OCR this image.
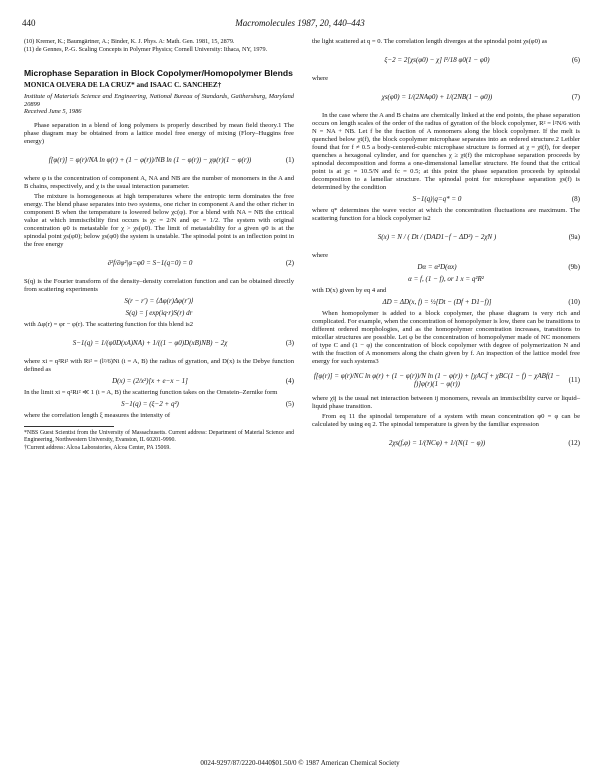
440	Macromolecules 1987, 20, 440–443
(10) Kremer, K.; Baumgärtner, A.; Binder, K. J. Phys. A: Math. Gen. 1981, 15, 2879.
(11) de Gennes, P.-G. Scaling Concepts in Polymer Physics; Cornell University: Ithaca, NY, 1979.
Microphase Separation in Block Copolymer/Homopolymer Blends
MONICA OLVERA DE LA CRUZ* and ISAAC C. SANCHEZ†
Institute of Materials Science and Engineering, National Bureau of Standards, Gaithersburg, Maryland 20899
Received June 5, 1986

Phase separation in a blend of long polymers is properly described by mean field theory.1 The phase diagram may be obtained from a lattice model free energy of mixing (Flory–Huggins free energy)

f[φ(r)] = φ(r)/NA ln φ(r) + (1 − φ(r))/NB ln (1 − φ(r)) − χφ(r)(1 − φ(r))	(1)

where φ is the concentration of component A, NA and NB are the number of monomers in the A and B chains, respectively, and χ is the usual interaction parameter.

The mixture is homogeneous at high temperatures where the entropic term dominates the free energy. The blend phase separates into two systems, one richer in component A and the other richer in component B when the temperature is lowered below χc(φ). For a blend with NA = NB the critical value at which immiscibility first occurs is χc = 2/N and φc = 1/2. The system with original concentration φ0 is metastable for χ > χs(φ0). The limit of metastability for a given φ0 is at the spinodal point χs(φ0); below χs(φ0) the system is unstable. The spinodal point is an inflection point in the free energy

∂²f/∂φ²|φ=φ0 = S−1(q=0) = 0	(2)

S(q) is the Fourier transform of the density–density correlation function and can be obtained directly from scattering experiments

S(r − r′) = ⟨Δφ(r)Δφ(r′)⟩
S(q) = ∫ exp(iq·r)S(r) dr

with Δφ(r) = φr − φ(r). The scattering function for this blend is2

S−1(q) = 1/(φ0D(xA)NA) + 1/((1 − φ0)D(xB)NB) − 2χ	(3)

where xi = q²Ri² with Ri² = (l²/6)Ni (i = A, B) the radius of gyration, and D(x) is the Debye function defined as

D(x) = (2/x²)[x + e−x − 1]	(4)

In the limit xi = q²Ri² ≪ 1 (i = A, B) the scattering function takes on the Ornstein–Zernike form

S−1(q) = (ξ−2 + q²)	(5)

where the correlation length ξ measures the intensity of

*NBS Guest Scientist from the University of Massachusetts. Current address: Department of Material Science and Engineering, Northwestern University, Evanston, IL 60201-9990.
†Current address: Alcoa Laboratories, Alcoa Center, PA 15069.

the light scattered at q = 0. The correlation length diverges at the spinodal point χs(φ0) as

ξ−2 = 2[χs(φ0) − χ] l²/18 φ0(1 − φ0)	(6)

where

χs(φ0) = 1/(2NAφ0) + 1/(2NB(1 − φ0))	(7)

In the case where the A and B chains are chemically linked at the end points, the phase separation occurs on length scales of the order of the radius of gyration of the block copolymer, R² = l²N/6 with N = NA + NB. Let f be the fraction of A monomers along the block copolymer. If the melt is quenched below χt(f), the block copolymer microphase separates into an ordered structure.2 Leibler found that for f ≠ 0.5 a body-centered-cubic microphase structure is formed at χ = χt(f), for deeper quenches a hexagonal cylinder, and for quenches χ ≥ χt(f) the microphase separation proceeds by spinodal decomposition and forms a one-dimensional lamellar structure. He found that the critical point is at χc = 10.5/N and fc = 0.5; at this point the phase separation proceeds by spinodal decomposition to a lamellar structure. The spinodal point for microphase separation χs(f) is determined by the condition

S−1(q)|q=q* = 0	(8)

where q* determines the wave vector at which the concentration fluctuations are maximum. The scattering function for a block copolymer is2

S(x) = N / ( Dt / (DAD1−f − ΔD²) − 2χN )	(9a)

where

Dα = α²D(αx)	(9b)
α = f, (1 − f), or 1 x = q²R²

with D(x) given by eq 4 and

ΔD = ΔD(x, f) = ½[Dt − (Df + D1−f)]	(10)

When homopolymer is added to a block copolymer, the phase diagram is very rich and complicated. For example, when the concentration of homopolymer is low, there can be transitions to different ordered morphologies, and as the homopolymer concentration increases, transitions to micellar structures are possible. Let φ be the concentration of homopolymer made of NC monomers of type C and (1 − φ) the concentration of block copolymer with degree of polymerization N and with the fraction of A monomers along the chain given by f. An inspection of the lattice model free energy for such systems3

f[φ(r)] = φ(r)/NC ln φ(r) + (1 − φ(r))/N ln (1 − φ(r)) + [χACf + χBC(1 − f) − χABf(1 − f)]φ(r)(1 − φ(r))	(11)

where χij is the usual net interaction between ij monomers, reveals an immiscibility curve or liquid–liquid phase transition.

From eq 11 the spinodal temperature of a system with mean concentration φ0 = φ can be calculated by using eq 2. The spinodal temperature is given by the familiar expression

2χs(f,φ) = 1/(NCφ) + 1/(N(1 − φ))	(12)
0024-9297/87/2220-0440$01.50/0 © 1987 American Chemical Society
